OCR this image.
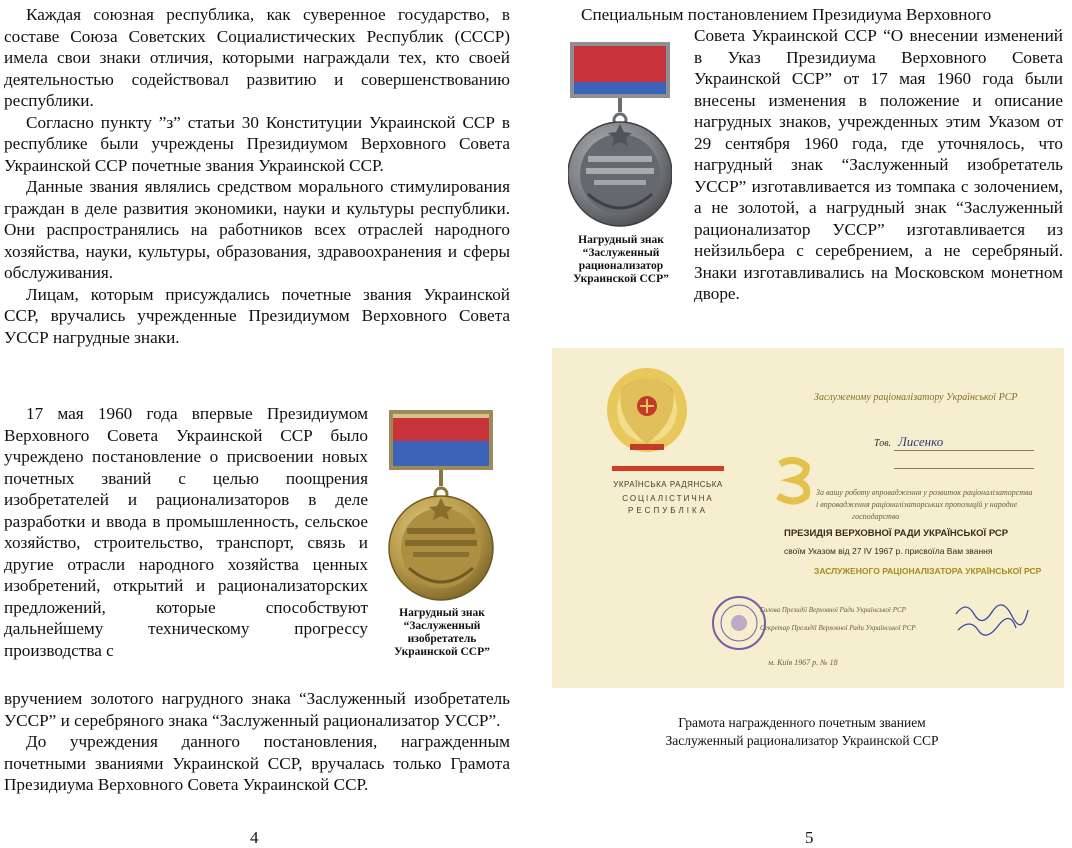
Каждая союзная республика, как суверенное государство, в составе Союза Советских Социалистических Республик (СССР) имела свои знаки отличия, которыми награждали тех, кто своей деятельностью содействовал развитию и совершенствованию республики.

Согласно пункту ”з” статьи 30 Конституции Украинской ССР в республике были учреждены Президиумом Верховного Совета Украинской ССР почетные звания Украинской ССР.

Данные звания являлись средством морального стимулирования граждан в деле развития экономики, науки и культуры республики. Они распространялись на работников всех отраслей народного хозяйства, науки, культуры, образования, здравоохранения и сферы обслуживания.

Лицам, которым присуждались почетные звания Украинской ССР, вручались учрежденные Президиумом Верховного Совета УССР нагрудные знаки.

17 мая 1960 года впервые Президиумом Верховного Совета Украинской ССР было учреждено постановление о присвоении новых почетных званий с целью поощрения изобретателей и рационализаторов в деле разработки и ввода в промышленность, сельское хозяйство, строительство, транспорт, связь и другие отрасли народного хозяйства ценных изобретений, открытий и рационализаторских предложений, которые способствуют дальнейшему техническому прогрессу производства с

вручением золотого нагрудного знака “Заслуженный изобретатель УССР” и серебряного знака “Заслуженный рационализатор УССР”.

До учреждения данного постановления, награжденным почетными званиями Украинской ССР, вручалась только Грамота Президиума Верховного Совета Украинской ССР.

Нагрудный знак “Заслуженный изобретатель Украинской ССР”
4
Специальным постановлением Президиума Верховного

Совета Украинской ССР “О внесении изменений в Указ Президиума Верховного Совета Украинской ССР” от 17 мая 1960 года были внесены изменения в положение и описание нагрудных знаков, учрежденных этим Указом от 29 сентября 1960 года, где уточнялось, что нагрудный знак “Заслуженный изобретатель УССР” изготавливается из томпака с золочением, а не золотой, а нагрудный знак “Заслуженный рационализатор УССР” изготавливается из нейзильбера с серебрением, а не серебряный. Знаки изготавливались на Московском монетном дворе.

Нагрудный знак “Заслуженный рационализатор Украинской ССР”
УКРАЇНСЬКА РАДЯНСЬКА
СОЦІАЛІСТИЧНА
РЕСПУБЛІКА
Заслуженому раціоналізатору Української РСР
Тов. Лисенко
За вашу роботу впровадження у розвиток раціоналізаторства
і впровадження раціоналізаторських пропозицій у народне
господарство
ПРЕЗИДІЯ ВЕРХОВНОЇ РАДИ УКРАЇНСЬКОЇ РСР
своїм Указом від 27 ІV 1967 р. присвоїла Вам звання
ЗАСЛУЖЕНОГО РАЦІОНАЛІЗАТОРА УКРАЇНСЬКОЇ РСР
Голова Президії Верховної Ради Української РСР
Секретар Президії Верховної Ради Української РСР
м. Київ 1967 р. № 18
Грамота награжденного почетным званием
Заслуженный рационализатор Украинской ССР
5
